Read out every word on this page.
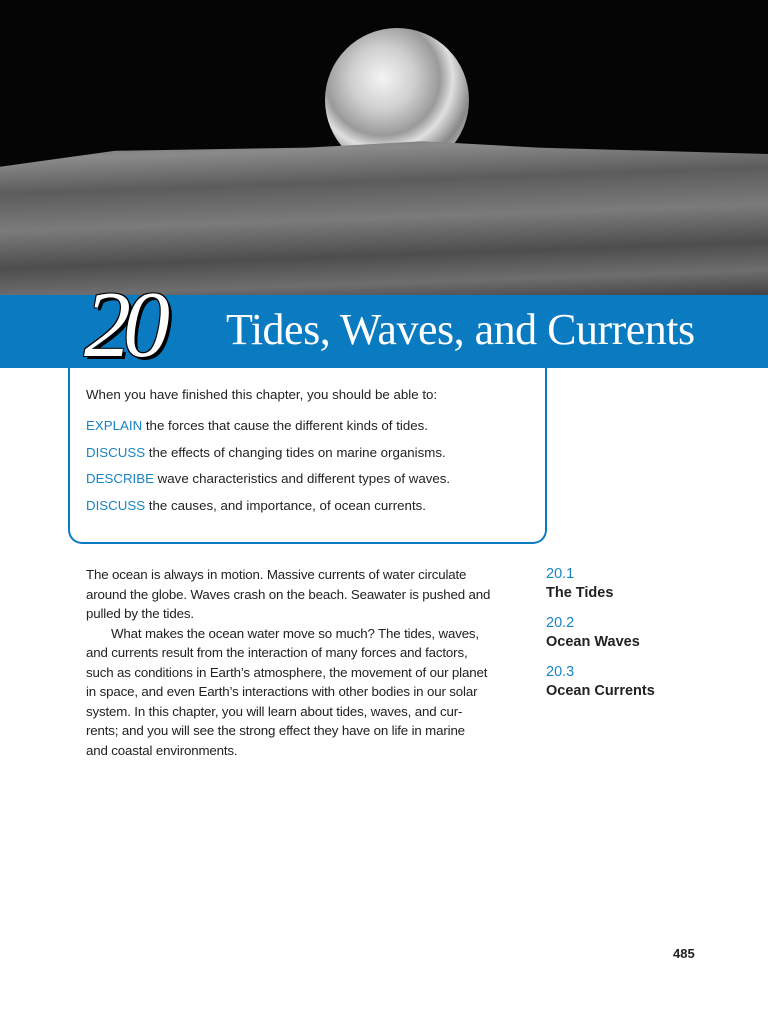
20 Tides, Waves, and Currents
When you have finished this chapter, you should be able to:
EXPLAIN the forces that cause the different kinds of tides.
DISCUSS the effects of changing tides on marine organisms.
DESCRIBE wave characteristics and different types of waves.
DISCUSS the causes, and importance, of ocean currents.
The ocean is always in motion. Massive currents of water circulate
around the globe. Waves crash on the beach. Seawater is pushed and
pulled by the tides.
What makes the ocean water move so much? The tides, waves,
and currents result from the interaction of many forces and factors,
such as conditions in Earth’s atmosphere, the movement of our planet
in space, and even Earth’s interactions with other bodies in our solar
system. In this chapter, you will learn about tides, waves, and cur-
rents; and you will see the strong effect they have on life in marine
and coastal environments.
20.1
The Tides
20.2
Ocean Waves
20.3
Ocean Currents
485
